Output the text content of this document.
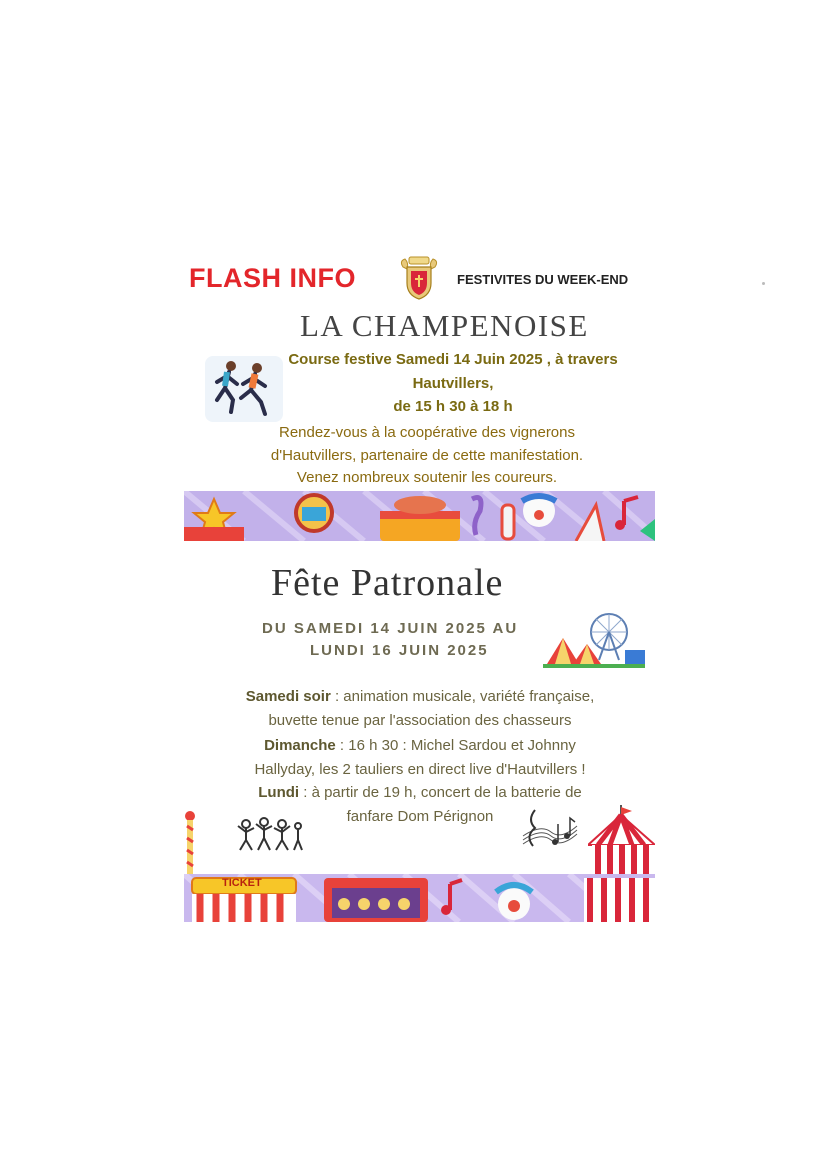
FLASH INFO	FESTIVITES DU WEEK-END
LA CHAMPENOISE
Course festive Samedi 14 Juin 2025 , à travers
Hautvillers,
de 15 h 30 à 18 h
Rendez-vous à la coopérative des vignerons
d'Hautvillers, partenaire de cette manifestation.
Venez nombreux soutenir les coureurs.
Fête Patronale
DU SAMEDI 14 JUIN 2025 AU
LUNDI 16 JUIN 2025
Samedi soir : animation musicale, variété française,
buvette tenue par l'association des chasseurs
Dimanche : 16 h 30 : Michel Sardou et Johnny
Hallyday, les 2 tauliers en direct live d'Hautvillers !
Lundi : à partir de 19 h, concert de la batterie de
fanfare Dom Pérignon
TICKET
